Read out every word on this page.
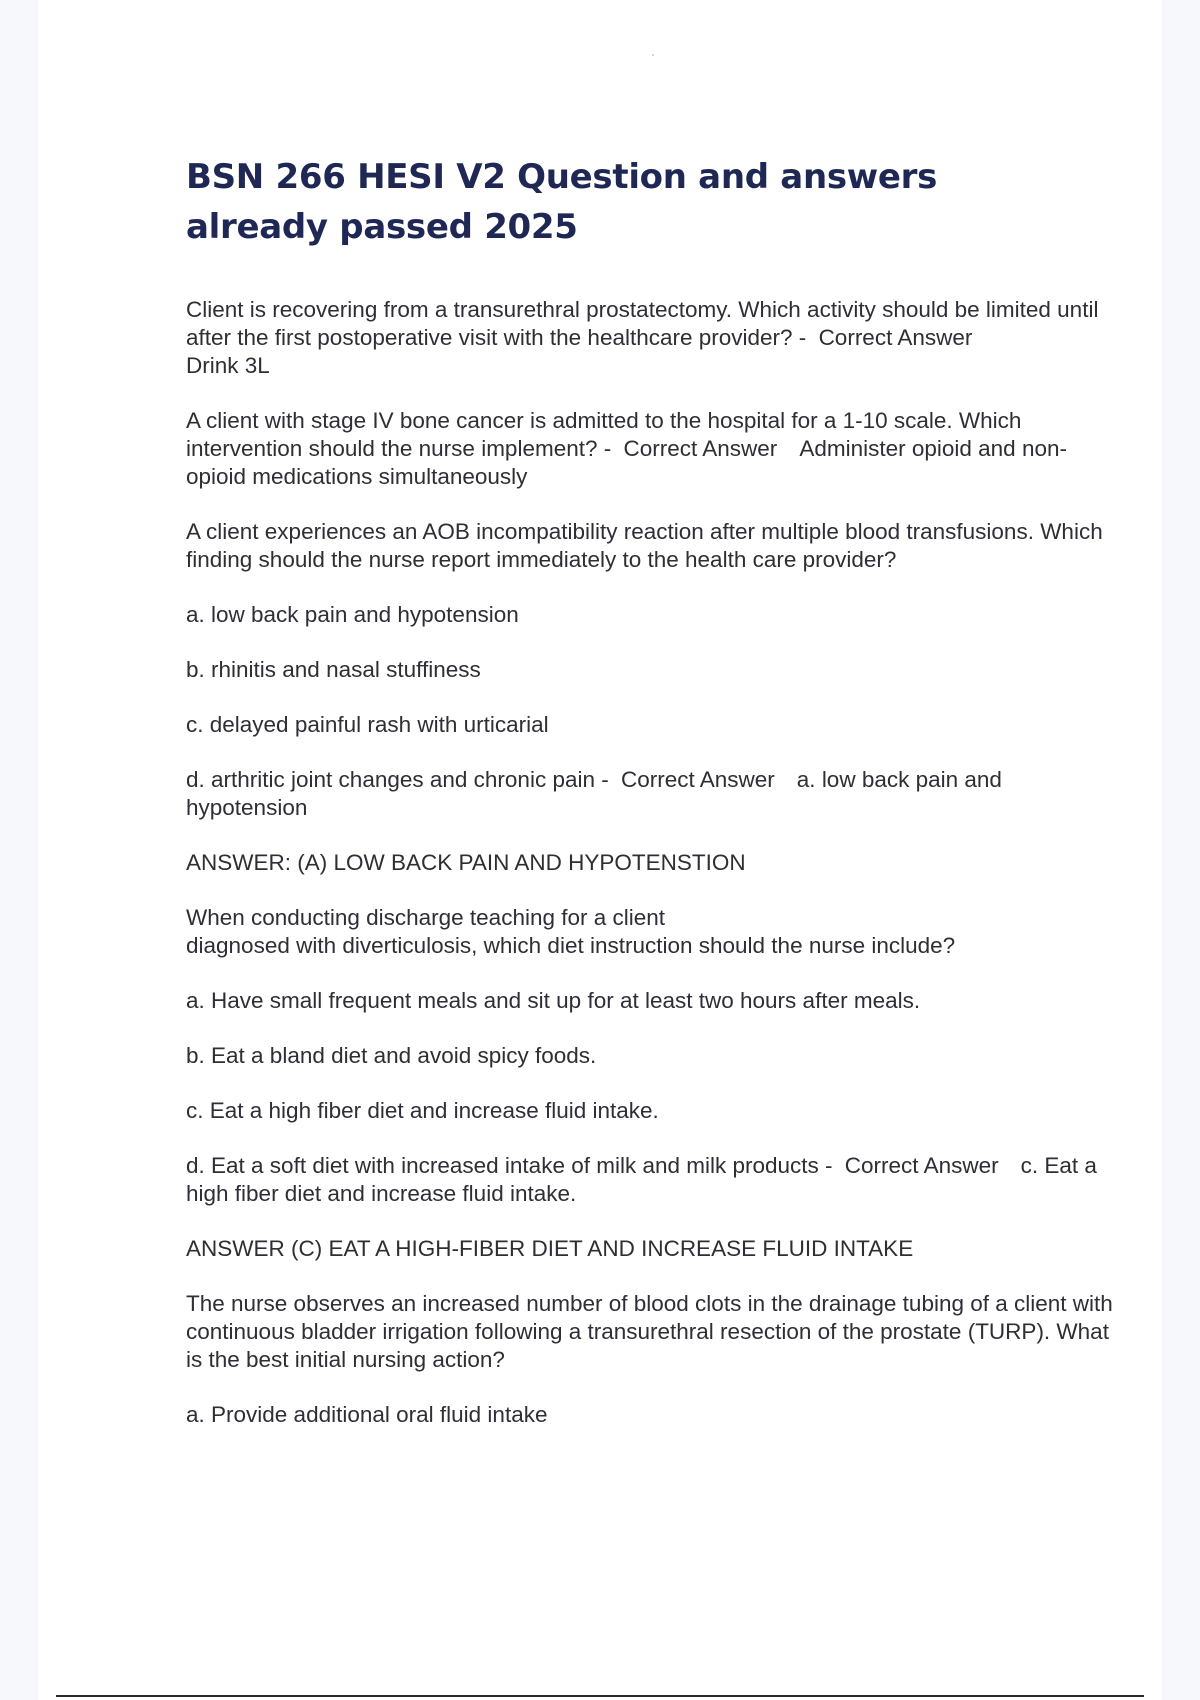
BSN 266 HESI V2 Question and answers already passed 2025

Client is recovering from a transurethral prostatectomy. Which activity should be limited until after the first postoperative visit with the healthcare provider? - Correct Answer
Drink 3L

A client with stage IV bone cancer is admitted to the hospital for a 1-10 scale. Which intervention should the nurse implement? - Correct Answer Administer opioid and non-opioid medications simultaneously

A client experiences an AOB incompatibility reaction after multiple blood transfusions. Which finding should the nurse report immediately to the health care provider?

a. low back pain and hypotension

b. rhinitis and nasal stuffiness

c. delayed painful rash with urticarial

d. arthritic joint changes and chronic pain - Correct Answer a. low back pain and hypotension

ANSWER: (A) LOW BACK PAIN AND HYPOTENSTION

When conducting discharge teaching for a client
diagnosed with diverticulosis, which diet instruction should the nurse include?

a. Have small frequent meals and sit up for at least two hours after meals.

b. Eat a bland diet and avoid spicy foods.

c. Eat a high fiber diet and increase fluid intake.

d. Eat a soft diet with increased intake of milk and milk products - Correct Answer c. Eat a high fiber diet and increase fluid intake.

ANSWER (C) EAT A HIGH-FIBER DIET AND INCREASE FLUID INTAKE

The nurse observes an increased number of blood clots in the drainage tubing of a client with continuous bladder irrigation following a transurethral resection of the prostate (TURP). What is the best initial nursing action?

a. Provide additional oral fluid intake
